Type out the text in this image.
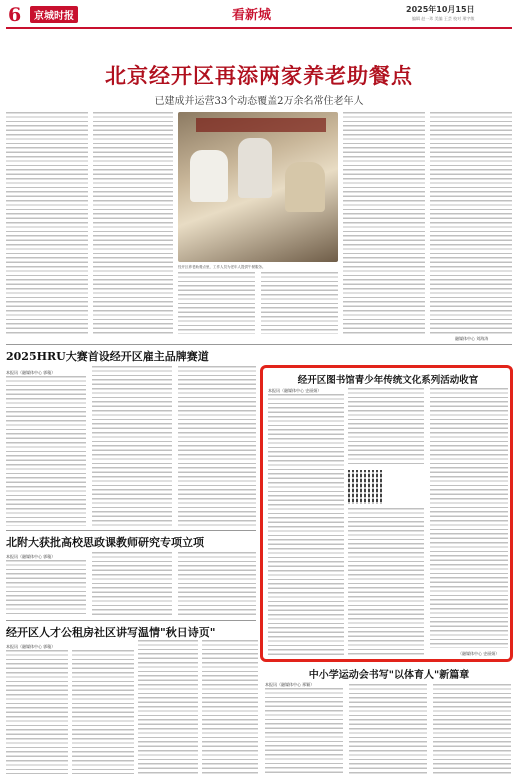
6	京城时报	看新城	2025年10月15日
编辑 赵一玮 美编 王芸 校对 邢宇敏
北京经开区再添两家养老助餐点
已建成并运营33个动态覆盖2万余名常住老年人
经开区养老助餐点里，工作人员为老年人提供午餐服务。
融媒体中心 刘海涛
2025HRU大赛首设经开区雇主品牌赛道
本报讯（融媒体中心 郭璇）
北附大获批高校思政课教师研究专项立项
本报讯（融媒体中心 郭璇）
经开区人才公租房社区讲写温情"秋日诗页"
本报讯（融媒体中心 郭璇）
经开区图书馆青少年传统文化系列活动收官
本报讯（融媒体中心 史丽娟）
（融媒体中心 史丽娟）
中小学运动会书写"以体育人"新篇章
本报讯（融媒体中心 邢颖）
